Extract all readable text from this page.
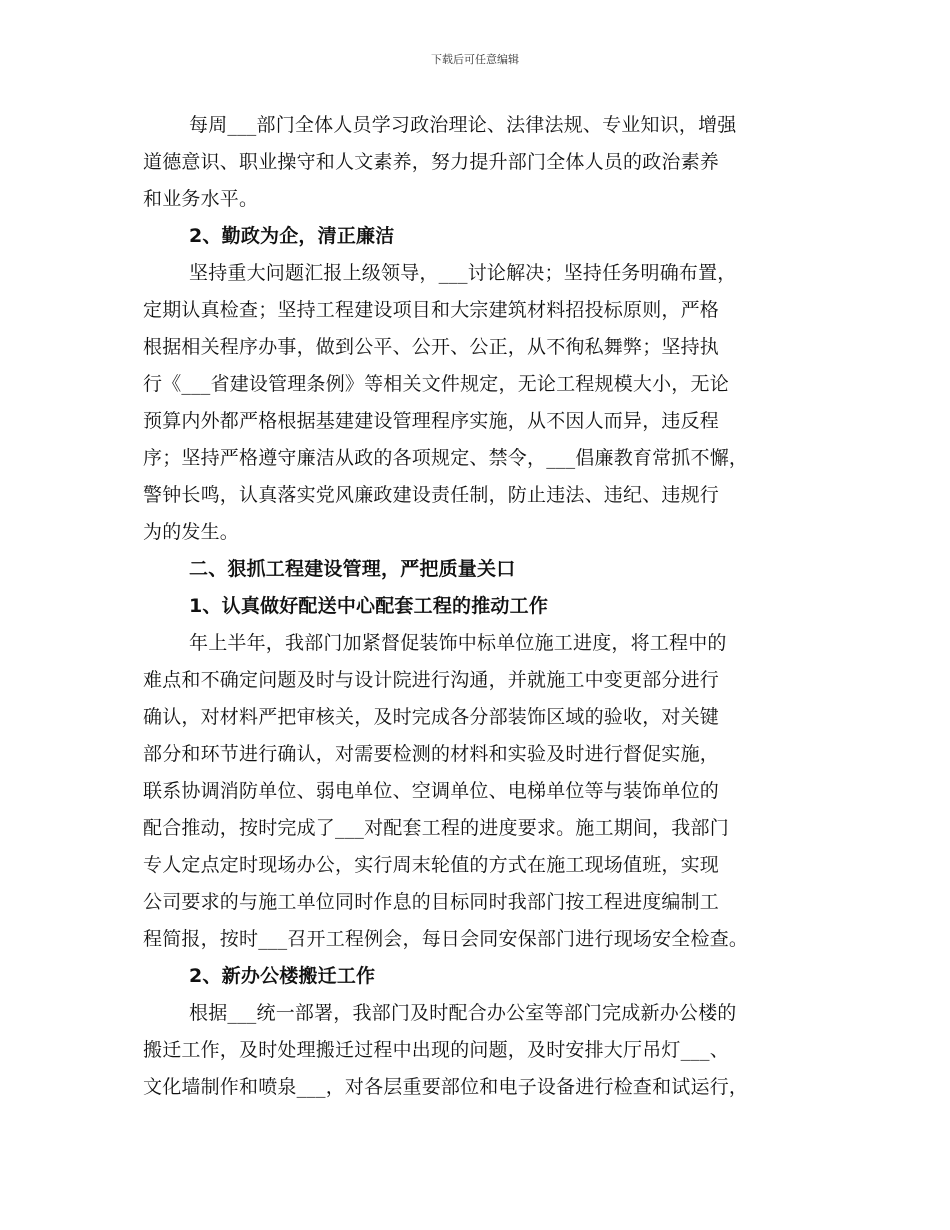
下载后可任意编辑
每周___部门全体人员学习政治理论、法律法规、专业知识，增强
道德意识、职业操守和人文素养，努力提升部门全体人员的政治素养
和业务水平。
2、勤政为企，清正廉洁
坚持重大问题汇报上级领导，___讨论解决；坚持任务明确布置，
定期认真检查；坚持工程建设项目和大宗建筑材料招投标原则，严格
根据相关程序办事，做到公平、公开、公正，从不徇私舞弊；坚持执
行《___省建设管理条例》等相关文件规定，无论工程规模大小，无论
预算内外都严格根据基建建设管理程序实施，从不因人而异，违反程
序；坚持严格遵守廉洁从政的各项规定、禁令，___倡廉教育常抓不懈，
警钟长鸣，认真落实党风廉政建设责任制，防止违法、违纪、违规行
为的发生。
二、狠抓工程建设管理，严把质量关口
1、认真做好配送中心配套工程的推动工作
年上半年，我部门加紧督促装饰中标单位施工进度，将工程中的
难点和不确定问题及时与设计院进行沟通，并就施工中变更部分进行
确认，对材料严把审核关，及时完成各分部装饰区域的验收，对关键
部分和环节进行确认，对需要检测的材料和实验及时进行督促实施，
联系协调消防单位、弱电单位、空调单位、电梯单位等与装饰单位的
配合推动，按时完成了___对配套工程的进度要求。施工期间，我部门
专人定点定时现场办公，实行周末轮值的方式在施工现场值班，实现
公司要求的与施工单位同时作息的目标同时我部门按工程进度编制工
程简报，按时___召开工程例会，每日会同安保部门进行现场安全检查。
2、新办公楼搬迁工作
根据___统一部署，我部门及时配合办公室等部门完成新办公楼的
搬迁工作，及时处理搬迁过程中出现的问题，及时安排大厅吊灯___、
文化墙制作和喷泉___，对各层重要部位和电子设备进行检查和试运行，
